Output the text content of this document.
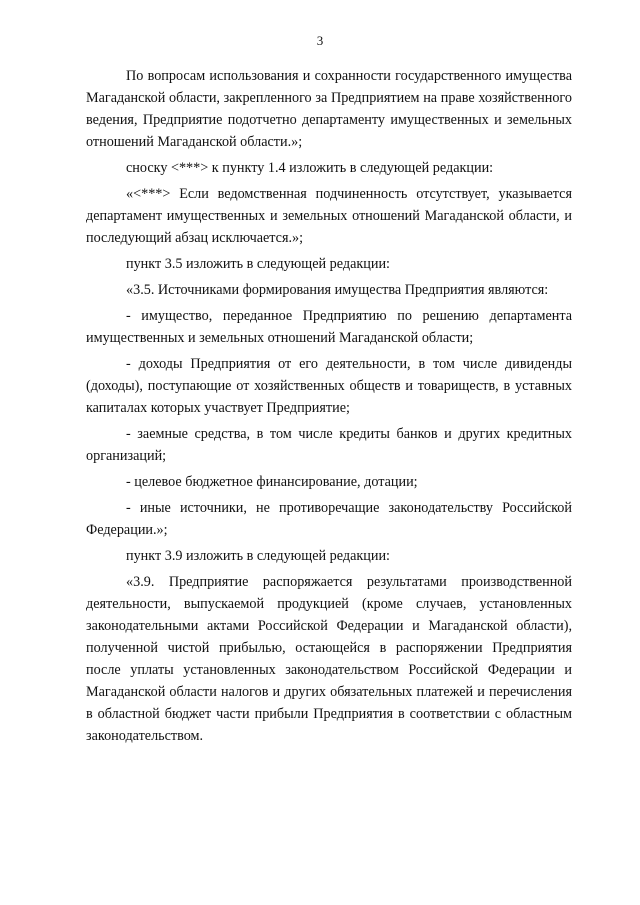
3

По вопросам использования и сохранности государственного имущества Магаданской области, закрепленного за Предприятием на праве хозяйственного ведения, Предприятие подотчетно департаменту имущественных и земельных отношений Магаданской области.»;

сноску <***> к пункту 1.4 изложить в следующей редакции:

«<***> Если ведомственная подчиненность отсутствует, указывается департамент имущественных и земельных отношений Магаданской области, и последующий абзац исключается.»;

пункт 3.5 изложить в следующей редакции:

«3.5. Источниками формирования имущества Предприятия являются:

- имущество, переданное Предприятию по решению департамента имущественных и земельных отношений Магаданской области;

- доходы Предприятия от его деятельности, в том числе дивиденды (доходы), поступающие от хозяйственных обществ и товариществ, в уставных капиталах которых участвует Предприятие;

- заемные средства, в том числе кредиты банков и других кредитных организаций;

- целевое бюджетное финансирование, дотации;

- иные источники, не противоречащие законодательству Российской Федерации.»;

пункт 3.9 изложить в следующей редакции:

«3.9. Предприятие распоряжается результатами производственной деятельности, выпускаемой продукцией (кроме случаев, установленных законодательными актами Российской Федерации и Магаданской области), полученной чистой прибылью, остающейся в распоряжении Предприятия после уплаты установленных законодательством Российской Федерации и Магаданской области налогов и других обязательных платежей и перечисления в областной бюджет части прибыли Предприятия в соответствии с областным законодательством.
